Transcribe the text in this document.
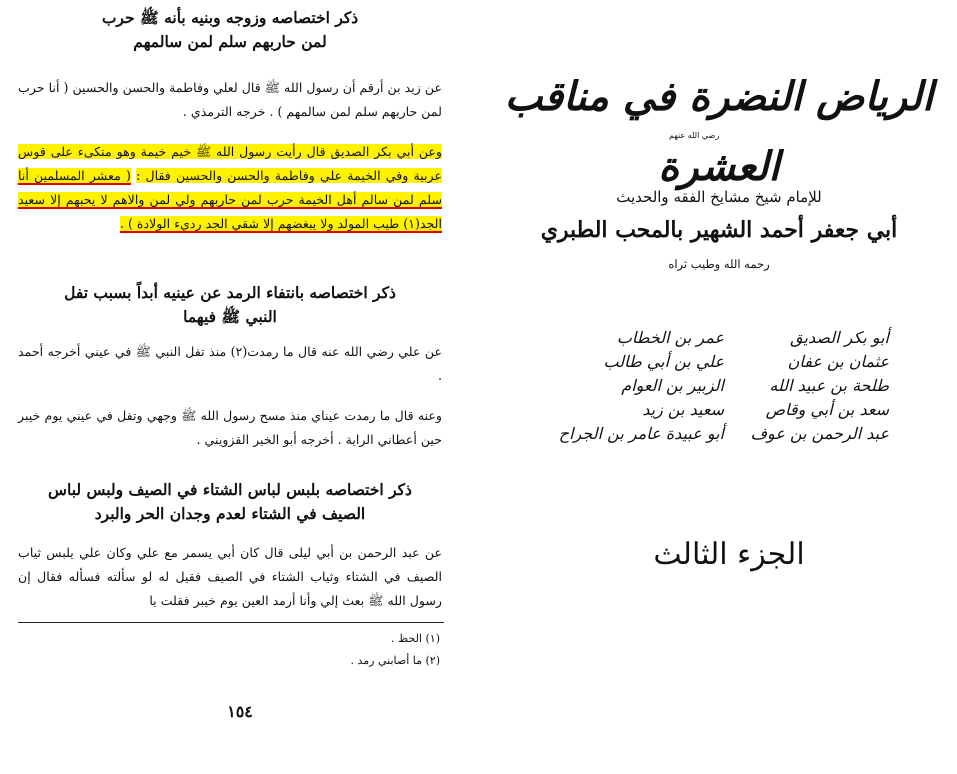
ذكر اختصاصه وزوجه وبنيه بأنه ﷺ حرب
لمن حاربهم سلم لمن سالمهم

عن زيد بن أرقم أن رسول الله ﷺ قال لعلي وفاطمة والحسن والحسين ( أنا حرب لمن حاربهم سلم لمن سالمهم ) . خرجه الترمذي .

وعن أبي بكر الصديق قال رأيت رسول الله ﷺ خيم خيمة وهو متكىء على قوس عربية وفي الخيمة علي وفاطمة والحسن والحسين فقال : ( معشر المسلمين أنا سلم لمن سالم أهل الخيمة حرب لمن حاربهم ولي لمن والاهم لا يحبهم إلا سعيد الجد(١) طيب المولد ولا يبغضهم إلا شقي الجد رديء الولادة ) .

ذكر اختصاصه بانتفاء الرمد عن عينيه أبداً بسبب تفل
النبي ﷺ فيهما

عن علي رضي الله عنه قال ما رمدت(٢) منذ تفل النبي ﷺ في عيني أخرجه أحمد .

وعنه قال ما رمدت عيناي منذ مسح رسول الله ﷺ وجهي وتفل في عيني يوم خيبر حين أعطاني الراية . أخرجه أبو الخير القزويني .

ذكر اختصاصه بلبس لباس الشتاء في الصيف ولبس لباس
الصيف في الشتاء لعدم وجدان الحر والبرد

عن عبد الرحمن بن أبي ليلى قال كان أبي يسمر مع علي وكان علي يلبس ثياب الصيف في الشتاء وثياب الشتاء في الصيف فقيل له لو سألته فسأله فقال إن رسول الله ﷺ بعث إلي وأنا أرمد العين يوم خيبر فقلت يا

(١) الحظ .

(٢) ما أصابني رمد .

١٥٤
الرياض النضرة في مناقب العشرة
رضي الله عنهم
للإمام شيخ مشايخ الفقه والحديث
أبي جعفر أحمد الشهير بالمحب الطبري
رحمه الله وطيب ثراه
أبو بكر الصديق
عثمان بن عفان
طلحة بن عبيد الله
سعد بن أبي وقاص
عبد الرحمن بن عوف
عمر بن الخطاب
علي بن أبي طالب
الزبير بن العوام
سعيد بن زيد
أبو عبيدة عامر بن الجراح
الجزء الثالث
